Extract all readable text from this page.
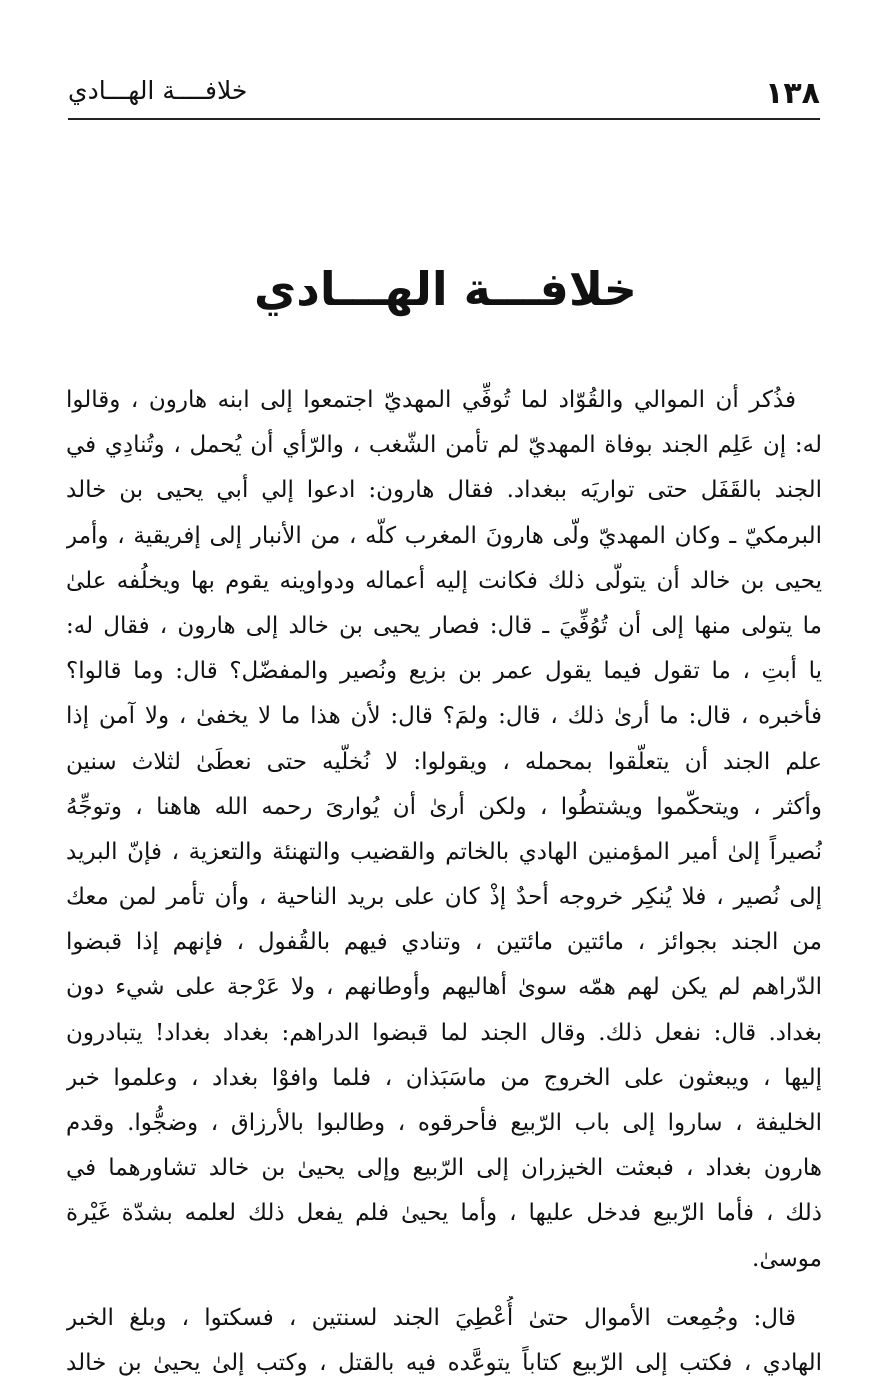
١٣٨
خلافــــة الهـــادي
خلافـــة الهـــادي
فذُكر أن الموالي والقُوّاد لما تُوفِّي المهديّ اجتمعوا إلى ابنه هارون ، وقالوا
له: إن عَلِم الجند بوفاة المهديّ لم تأمن الشّغب ، والرّأي أن يُحمل ، وتُنادِي في
الجند بالقَفَل حتى تواريَه ببغداد. فقال هارون: ادعوا إلي أبي يحيى بن خالد
البرمكيّ ـ وكان المهديّ ولّى هارونَ المغرب كلّه ، من الأنبار إلى إفريقية ، وأمر
يحيى بن خالد أن يتولّى ذلك فكانت إليه أعماله ودواوينه يقوم بها ويخلُفه علىٰ
ما يتولى منها إلى أن تُوُفِّيَ ـ قال: فصار يحيى بن خالد إلى هارون ، فقال له:
يا أبتِ ، ما تقول فيما يقول عمر بن بزيع ونُصير والمفضّل؟ قال: وما قالوا؟
فأخبره ، قال: ما أرىٰ ذلك ، قال: ولمَ؟ قال: لأن هذا ما لا يخفىٰ ، ولا آمن إذا
علم الجند أن يتعلّقوا بمحمله ، ويقولوا: لا نُخلّيه حتى نعطَىٰ لثلاث سنين
وأكثر ، ويتحكّموا ويشتطُوا ، ولكن أرىٰ أن يُوارىَ رحمه الله هاهنا ، وتوجِّهُ
نُصيراً إلىٰ أمير المؤمنين الهادي بالخاتم والقضيب والتهنئة والتعزية ، فإنّ البريد
إلى نُصير ، فلا يُنكِر خروجه أحدٌ إذْ كان على بريد الناحية ، وأن تأمر لمن معك
من الجند بجوائز ، مائتين مائتين ، وتنادي فيهم بالقُفول ، فإنهم إذا قبضوا
الدّراهم لم يكن لهم همّه سوىٰ أهاليهم وأوطانهم ، ولا عَرْجة على شيء دون
بغداد. قال: نفعل ذلك. وقال الجند لما قبضوا الدراهم: بغداد بغداد! يتبادرون
إليها ، ويبعثون على الخروج من ماسَبَذان ، فلما وافوْا بغداد ، وعلموا خبر
الخليفة ، ساروا إلى باب الرّبيع فأحرقوه ، وطالبوا بالأرزاق ، وضجُّوا. وقدم
هارون بغداد ، فبعثت الخيزران إلى الرّبيع وإلى يحيىٰ بن خالد تشاورهما في
ذلك ، فأما الرّبيع فدخل عليها ، وأما يحيىٰ فلم يفعل ذلك لعلمه بشدّة غَيْرة
موسىٰ.
قال: وجُمِعت الأموال حتىٰ أُعْطِيَ الجند لسنتين ، فسكتوا ، وبلغ الخبر
الهادي ، فكتب إلى الرّبيع كتاباً يتوعَّده فيه بالقتل ، وكتب إلىٰ يحيىٰ بن خالد
